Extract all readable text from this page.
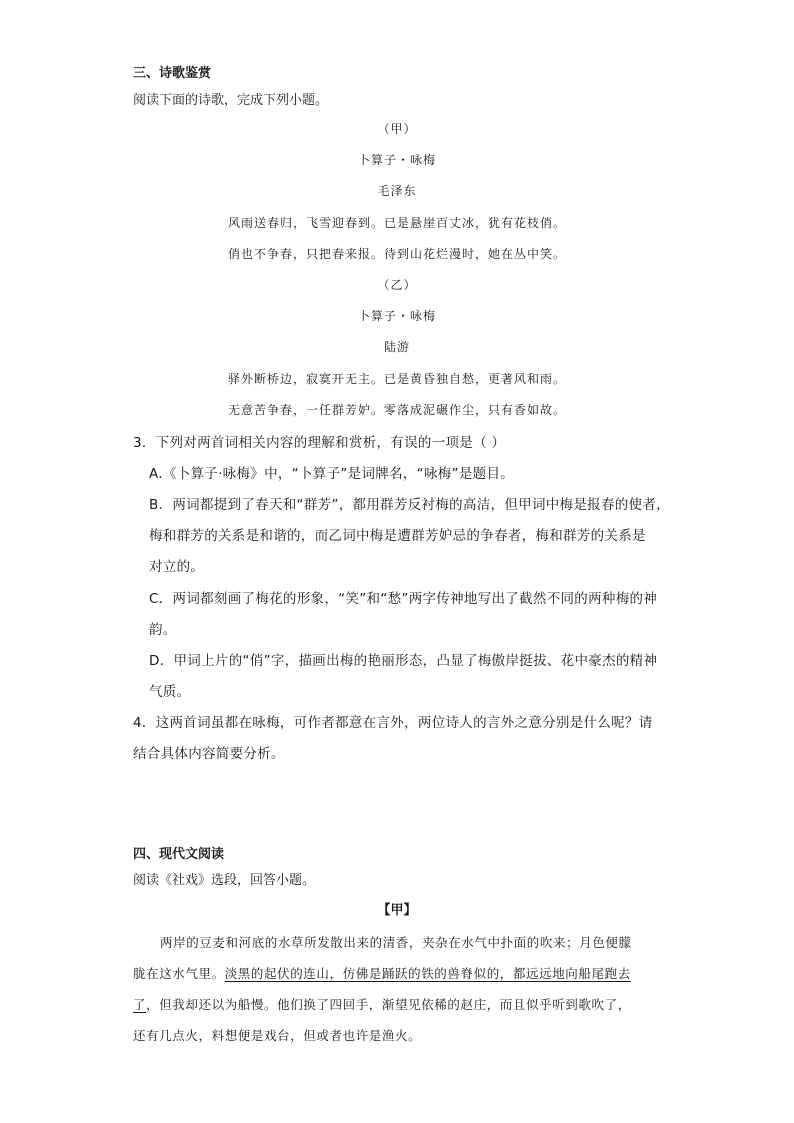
三、诗歌鉴赏
阅读下面的诗歌，完成下列小题。
（甲）
卜算子・咏梅
毛泽东
风雨送春归，飞雪迎春到。已是悬崖百丈冰，犹有花枝俏。
俏也不争春，只把春来报。待到山花烂漫时，她在丛中笑。
（乙）
卜算子・咏梅
陆游
驿外断桥边，寂寞开无主。已是黄昏独自愁，更著风和雨。
无意苦争春，一任群芳妒。零落成泥碾作尘，只有香如故。
3．下列对两首词相关内容的理解和赏析，有误的一项是（ ）
A.《卜算子·咏梅》中，“卜算子”是词牌名，“咏梅”是题目。
B．两词都提到了春天和“群芳”，都用群芳反衬梅的高洁，但甲词中梅是报春的使者，
梅和群芳的关系是和谐的，而乙词中梅是遭群芳妒忌的争春者，梅和群芳的关系是
对立的。
C．两词都刻画了梅花的形象，“笑”和“愁”两字传神地写出了截然不同的两种梅的神
韵。
D．甲词上片的“俏”字，描画出梅的艳丽形态，凸显了梅傲岸挺拔、花中豪杰的精神
气质。
4．这两首词虽都在咏梅，可作者都意在言外，两位诗人的言外之意分别是什么呢？请
结合具体内容简要分析。
四、现代文阅读
阅读《社戏》选段，回答小题。
【甲】
两岸的豆麦和河底的水草所发散出来的清香，夹杂在水气中扑面的吹来；月色便朦
胧在这水气里。淡黑的起伏的连山，仿佛是踊跃的铁的兽脊似的，都远远地向船尾跑去
了，但我却还以为船慢。他们换了四回手，渐望见依稀的赵庄，而且似乎听到歌吹了，
还有几点火，料想便是戏台，但或者也许是渔火。
